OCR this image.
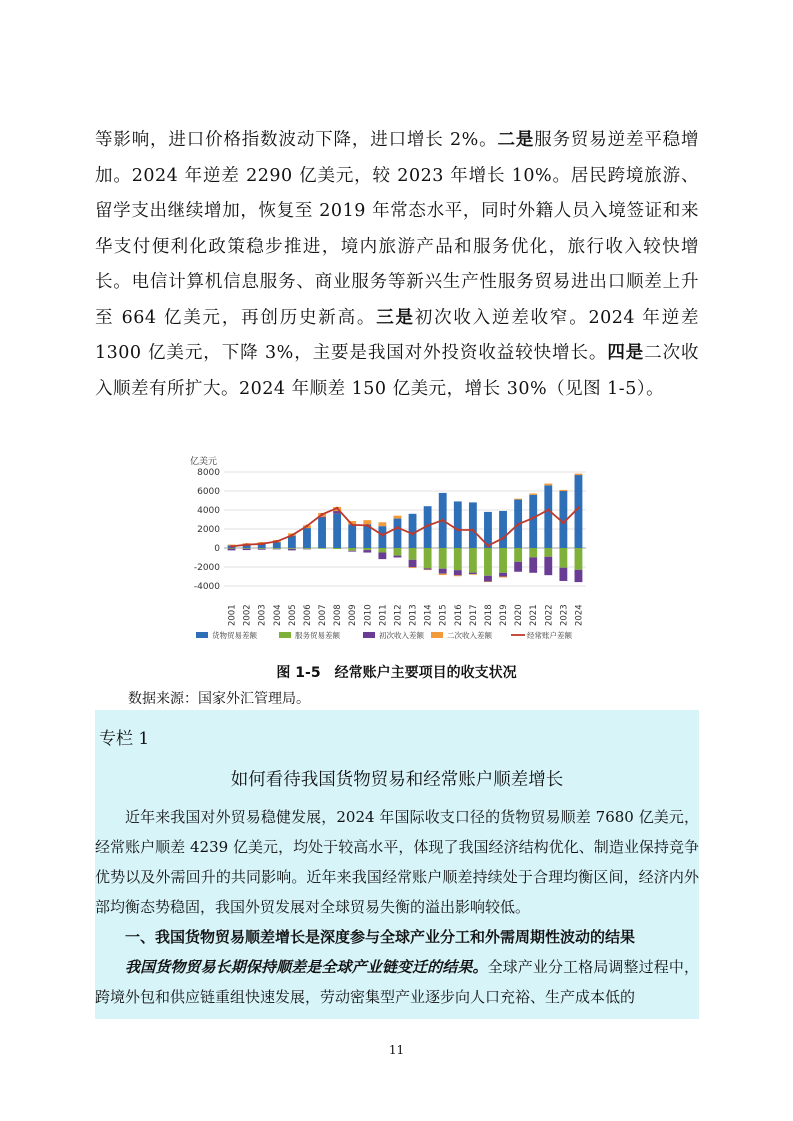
等影响，进口价格指数波动下降，进口增长 2%。二是服务贸易逆差平稳增加。2024 年逆差 2290 亿美元，较 2023 年增长 10%。居民跨境旅游、留学支出继续增加，恢复至 2019 年常态水平，同时外籍人员入境签证和来华支付便利化政策稳步推进，境内旅游产品和服务优化，旅行收入较快增长。电信计算机信息服务、商业服务等新兴生产性服务贸易进出口顺差上升至 664 亿美元，再创历史新高。三是初次收入逆差收窄。2024 年逆差 1300 亿美元，下降 3%，主要是我国对外投资收益较快增长。四是二次收入顺差有所扩大。2024 年顺差 150 亿美元，增长 30%（见图 1-5）。
亿美元
8000
6000
4000
2000
0
-2000
-4000
2001 2002 2003 2004 2005 2006 2007 2008 2009 2010 2011 2012 2013 2014 2015 2016 2017 2018 2019 2020 2021 2022 2023 2024
货物贸易差额	服务贸易差额	初次收入差额	二次收入差额	经常账户差额
图 1-5　经常账户主要项目的收支状况
数据来源：国家外汇管理局。
专栏 1
如何看待我国货物贸易和经常账户顺差增长

近年来我国对外贸易稳健发展，2024 年国际收支口径的货物贸易顺差 7680 亿美元，经常账户顺差 4239 亿美元，均处于较高水平，体现了我国经济结构优化、制造业保持竞争优势以及外需回升的共同影响。近年来我国经常账户顺差持续处于合理均衡区间，经济内外部均衡态势稳固，我国外贸发展对全球贸易失衡的溢出影响较低。

一、我国货物贸易顺差增长是深度参与全球产业分工和外需周期性波动的结果

我国货物贸易长期保持顺差是全球产业链变迁的结果。全球产业分工格局调整过程中，跨境外包和供应链重组快速发展，劳动密集型产业逐步向人口充裕、生产成本低的

11
